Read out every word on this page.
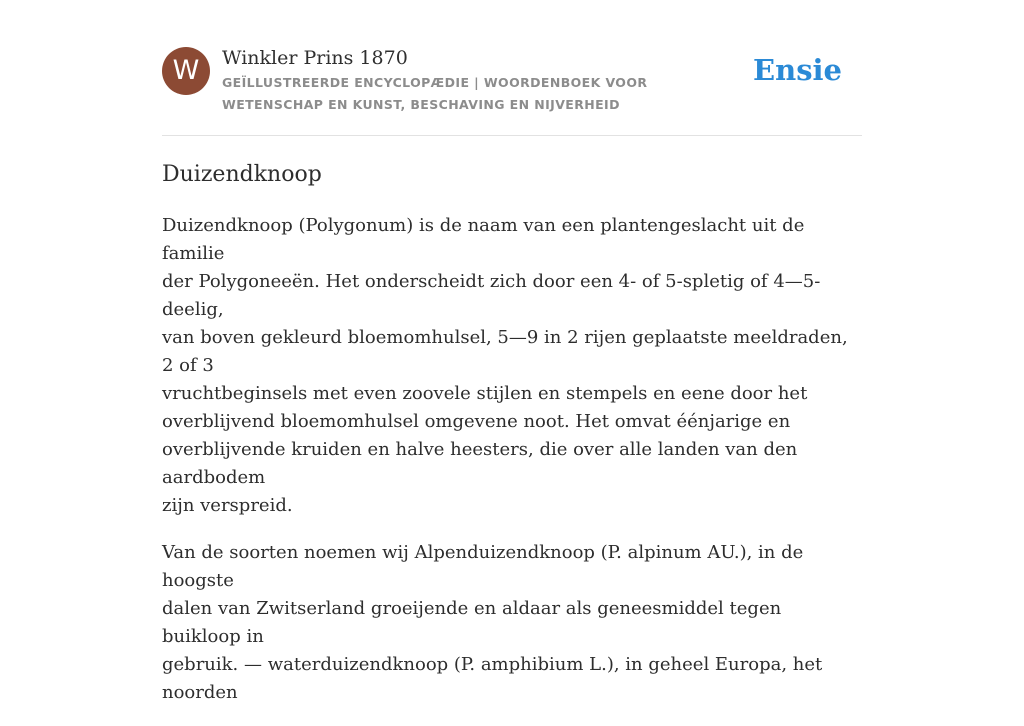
W	Winkler Prins 1870
GEÏLLUSTREERDE ENCYCLOPÆDIE | WOORDENBOEK VOOR WETENSCHAP EN KUNST, BESCHAVING EN NIJVERHEID
Ensie
Duizendknoop

Duizendknoop (Polygonum) is de naam van een plantengeslacht uit de familie
der Polygoneeën. Het onderscheidt zich door een 4- of 5-spletig of 4—5-deelig,
van boven gekleurd bloemomhulsel, 5—9 in 2 rijen geplaatste meeldraden, 2 of 3
vruchtbeginsels met even zoovele stijlen en stempels en eene door het
overblijvend bloemomhulsel omgevene noot. Het omvat éénjarige en
overblijvende kruiden en halve heesters, die over alle landen van den aardbodem
zijn verspreid.

Van de soorten noemen wij Alpenduizendknoop (P. alpinum AU.), in de hoogste
dalen van Zwitserland groeijende en aldaar als geneesmiddel tegen buikloop in
gebruik. — waterduizendknoop (P. amphibium L.), in geheel Europa, het noorden
